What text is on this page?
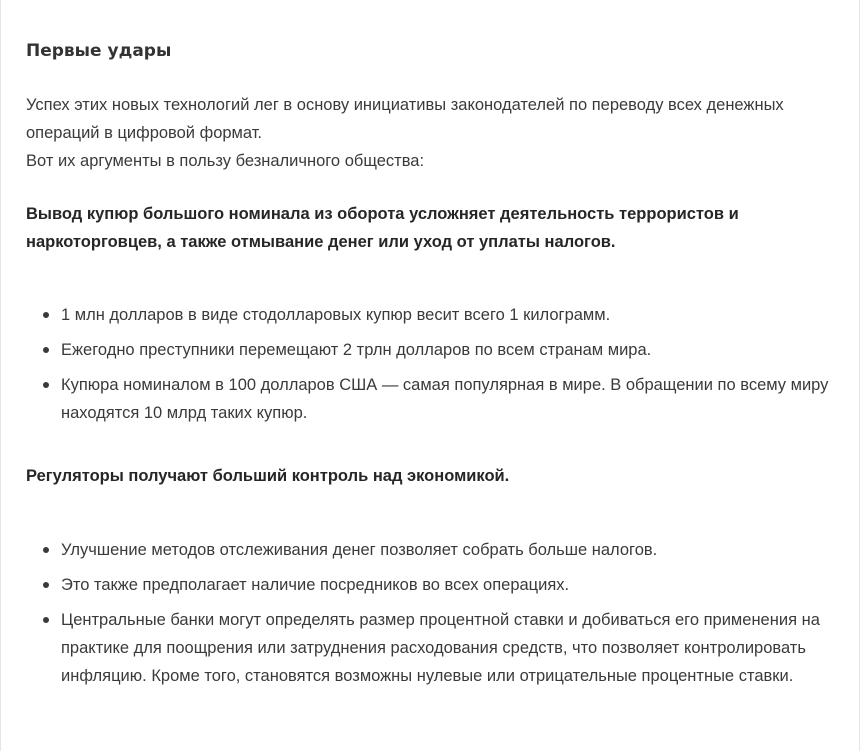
Первые удары

Успех этих новых технологий лег в основу инициативы законодателей по переводу всех денежных операций в цифровой формат.
Вот их аргументы в пользу безналичного общества:

Вывод купюр большого номинала из оборота усложняет деятельность террористов и наркоторговцев, а также отмывание денег или уход от уплаты налогов.

1 млн долларов в виде стодолларовых купюр весит всего 1 килограмм.
Ежегодно преступники перемещают 2 трлн долларов по всем странам мира.
Купюра номиналом в 100 долларов США — самая популярная в мире. В обращении по всему миру находятся 10 млрд таких купюр.

Регуляторы получают больший контроль над экономикой.

Улучшение методов отслеживания денег позволяет собрать больше налогов.
Это также предполагает наличие посредников во всех операциях.
Центральные банки могут определять размер процентной ставки и добиваться его применения на практике для поощрения или затруднения расходования средств, что позволяет контролировать инфляцию. Кроме того, становятся возможны нулевые или отрицательные процентные ставки.
